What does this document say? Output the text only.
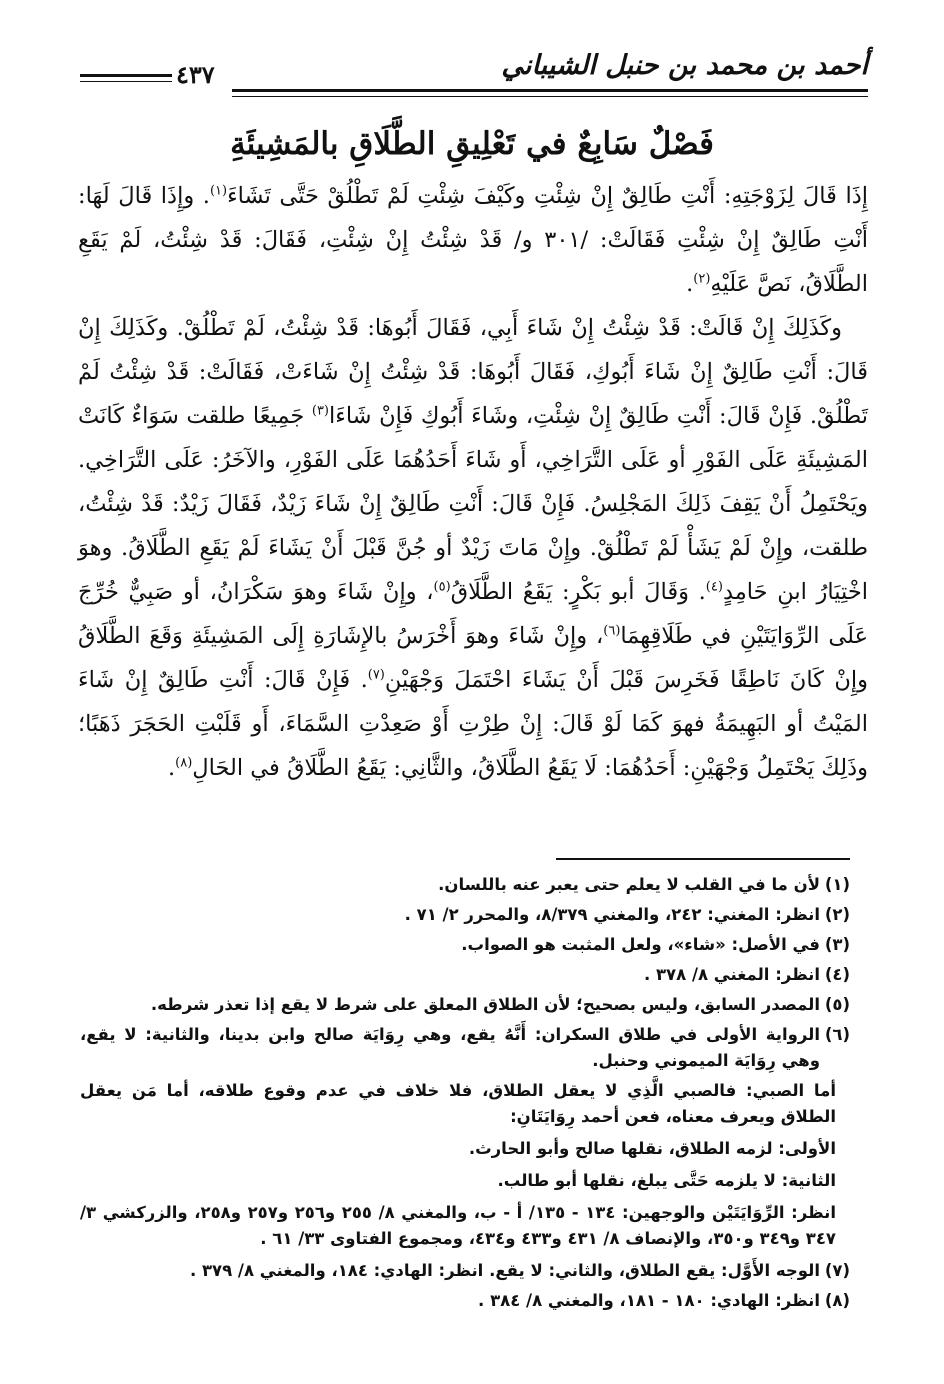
أحمد بن محمد بن حنبل الشيباني
٤٣٧
فَصْلٌ سَابِعٌ في تَعْلِيقِ الطَّلَاقِ بالمَشِيئَةِ

إِذَا قَالَ لِزَوْجَتِهِ: أَنْتِ طَالِقٌ إِنْ شِئْتِ وكَيْفَ شِئْتِ لَمْ تَطْلُقْ حَتَّى تَشَاءَ$^{(١)}$. وإِذَا قَالَ لَهَا: أَنْتِ طَالِقٌ إِنْ شِئْتِ فَقَالَتْ: /٣٠١ و/ قَدْ شِئْتُ إِنْ شِئْتِ، فَقَالَ: قَدْ شِئْتُ، لَمْ يَقَعِ الطَّلَاقُ، نَصَّ عَلَيْهِ$^{(٢)}$.

وكَذَلِكَ إِنْ قَالَتْ: قَدْ شِئْتُ إِنْ شَاءَ أَبِي، فَقَالَ أَبُوهَا: قَدْ شِئْتُ، لَمْ تَطْلُقْ. وكَذَلِكَ إِنْ قَالَ: أَنْتِ طَالِقٌ إِنْ شَاءَ أَبُوكِ، فَقَالَ أَبُوهَا: قَدْ شِئْتُ إِنْ شَاءَتْ، فَقَالَتْ: قَدْ شِئْتُ لَمْ تَطْلُقْ. فَإِنْ قَالَ: أَنْتِ طَالِقٌ إِنْ شِئْتِ، وشَاءَ أَبُوكِ فَإِنْ شَاءَا$^{(٣)}$ جَمِيعًا طلقت سَوَاءٌ كَانَتْ المَشِيئَةِ عَلَى الفَوْرِ أو عَلَى التَّرَاخِي، أَو شَاءَ أَحَدُهُمَا عَلَى الفَوْرِ، والآخَرُ: عَلَى التَّرَاخِي. ويَحْتَمِلُ أَنْ يَقِفَ ذَلِكَ المَجْلِسُ. فَإِنْ قَالَ: أَنْتِ طَالِقٌ إِنْ شَاءَ زَيْدٌ، فَقَالَ زَيْدٌ: قَدْ شِئْتُ، طلقت، وإِنْ لَمْ يَشَأْ لَمْ تَطْلُقْ. وإِنْ مَاتَ زَيْدٌ أو جُنَّ قَبْلَ أَنْ يَشَاءَ لَمْ يَقَعِ الطَّلَاقُ. وهوَ اخْتِيَارُ ابنِ حَامِدٍ$^{(٤)}$. وَقَالَ أبو بَكْرٍ: يَقَعُ الطَّلَاقُ$^{(٥)}$، وإِنْ شَاءَ وهوَ سَكْرَانُ، أو صَبِيٌّ خُرِّجَ عَلَى الرِّوَايَتَيْنِ في طَلَاقِهِمَا$^{(٦)}$، وإِنْ شَاءَ وهوَ أَخْرَسُ بالإِشَارَةِ إِلَى المَشِيئَةِ وَقَعَ الطَّلَاقُ وإِنْ كَانَ نَاطِقًا فَخَرِسَ قَبْلَ أَنْ يَشَاءَ احْتَمَلَ وَجْهَيْنِ$^{(٧)}$. فَإِنْ قَالَ: أَنْتِ طَالِقٌ إِنْ شَاءَ المَيْتُ أو البَهِيمَةُ فهوَ كَمَا لَوْ قَالَ: إِنْ طِرْتِ أَوْ صَعِدْتِ السَّمَاءَ، أَو قَلَبْتِ الحَجَرَ ذَهَبًا؛ وذَلِكَ يَحْتَمِلُ وَجْهَيْنِ: أَحَدُهُمَا: لَا يَقَعُ الطَّلَاقُ، والثَّانِي: يَقَعُ الطَّلَاقُ في الحَالِ$^{(٨)}$.

(١)
لأن ما في القلب لا يعلم حتى يعبر عنه باللسان.
(٢)
انظر: المغني: ٢٤٢، والمغني ٨/٣٧٩، والمحرر ٢/ ٧١ .
(٣)
في الأصل: «شاء»، ولعل المثبت هو الصواب.
(٤)
انظر: المغني ٨/ ٣٧٨ .
(٥)
المصدر السابق، وليس بصحيح؛ لأن الطلاق المعلق على شرط لا يقع إذا تعذر شرطه.
(٦)
الرواية الأولى في طلاق السكران: أَنَّهُ يقع، وهي رِوَايَة صالح وابن بدينا، والثانية: لا يقع، وهي رِوَايَة الميموني وحنبل.
أما الصبي: فالصبي الَّذِي لا يعقل الطلاق، فلا خلاف في عدم وقوع طلاقه، أما مَن يعقل الطلاق ويعرف معناه، فعن أحمد رِوَايَتَانِ:
الأولى: لزمه الطلاق، نقلها صالح وأبو الحارث.
الثانية: لا يلزمه حَتَّى يبلغ، نقلها أبو طالب.
انظر: الرِّوَايَتَيْن والوجهين: ١٣٤ - ١٣٥/ أ - ب، والمغني ٨/ ٢٥٥ و٢٥٦ و٢٥٧ و٢٥٨، والزركشي ٣/ ٣٤٧ و٣٤٩ و٣٥٠، والإنصاف ٨/ ٤٣١ و٤٣٣ و٤٣٤، ومجموع الفتاوى ٣٣/ ٦١ .
(٧)
الوجه الأَوَّل: يقع الطلاق، والثاني: لا يقع. انظر: الهادي: ١٨٤، والمغني ٨/ ٣٧٩ .
(٨)
انظر: الهادي: ١٨٠ - ١٨١، والمغني ٨/ ٣٨٤ .
